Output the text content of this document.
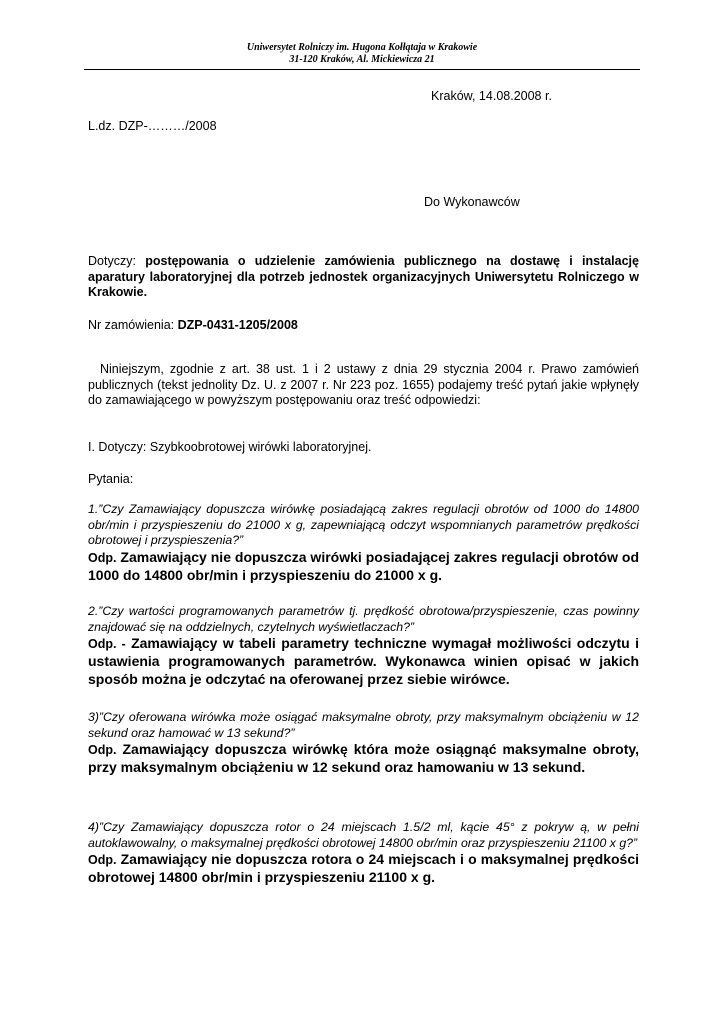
Uniwersytet Rolniczy im. Hugona Kołłątaja w Krakowie
31-120 Kraków, Al. Mickiewicza 21
Kraków, 14.08.2008 r.
L.dz. DZP-………/2008
Do Wykonawców
Dotyczy: postępowania o udzielenie zamówienia publicznego na dostawę i instalację aparatury laboratoryjnej dla potrzeb jednostek organizacyjnych Uniwersytetu Rolniczego w Krakowie.
Nr zamówienia: DZP-0431-1205/2008
Niniejszym, zgodnie z art. 38 ust. 1 i 2 ustawy z dnia 29 stycznia 2004 r. Prawo zamówień publicznych (tekst jednolity Dz. U. z 2007 r. Nr 223 poz. 1655) podajemy treść pytań jakie wpłynęły do zamawiającego w powyższym postępowaniu oraz treść odpowiedzi:
I. Dotyczy: Szybkoobrotowej wirówki laboratoryjnej.
Pytania:
1.”Czy Zamawiający dopuszcza wirówkę posiadającą zakres regulacji obrotów od 1000 do 14800 obr/min i przyspieszeniu do 21000 x g, zapewniającą odczyt wspomnianych parametrów prędkości obrotowej i przyspieszenia?”
Odp. Zamawiający nie dopuszcza wirówki posiadającej zakres regulacji obrotów od 1000 do 14800 obr/min i przyspieszeniu do 21000 x g.
2.”Czy wartości programowanych parametrów tj. prędkość obrotowa/przyspieszenie, czas powinny znajdować się na oddzielnych, czytelnych wyświetlaczach?”
Odp. - Zamawiający w tabeli parametry techniczne wymagał możliwości odczytu i ustawienia programowanych parametrów. Wykonawca winien opisać w jakich sposób można je odczytać na oferowanej przez siebie wirówce.
3)”Czy oferowana wirówka może osiągać maksymalne obroty, przy maksymalnym obciążeniu w 12 sekund oraz hamować w 13 sekund?”
Odp. Zamawiający dopuszcza wirówkę która może osiągnąć maksymalne obroty, przy maksymalnym obciążeniu w 12 sekund oraz hamowaniu w 13 sekund.
4)”Czy Zamawiający dopuszcza rotor o 24 miejscach 1.5/2 ml, kącie 45° z pokryw ą, w pełni autoklawowalny, o maksymalnej prędkości obrotowej 14800 obr/min oraz przyspieszeniu 21100 x g?”
Odp. Zamawiający nie dopuszcza rotora o 24 miejscach i o maksymalnej prędkości obrotowej 14800 obr/min i przyspieszeniu 21100 x g.
